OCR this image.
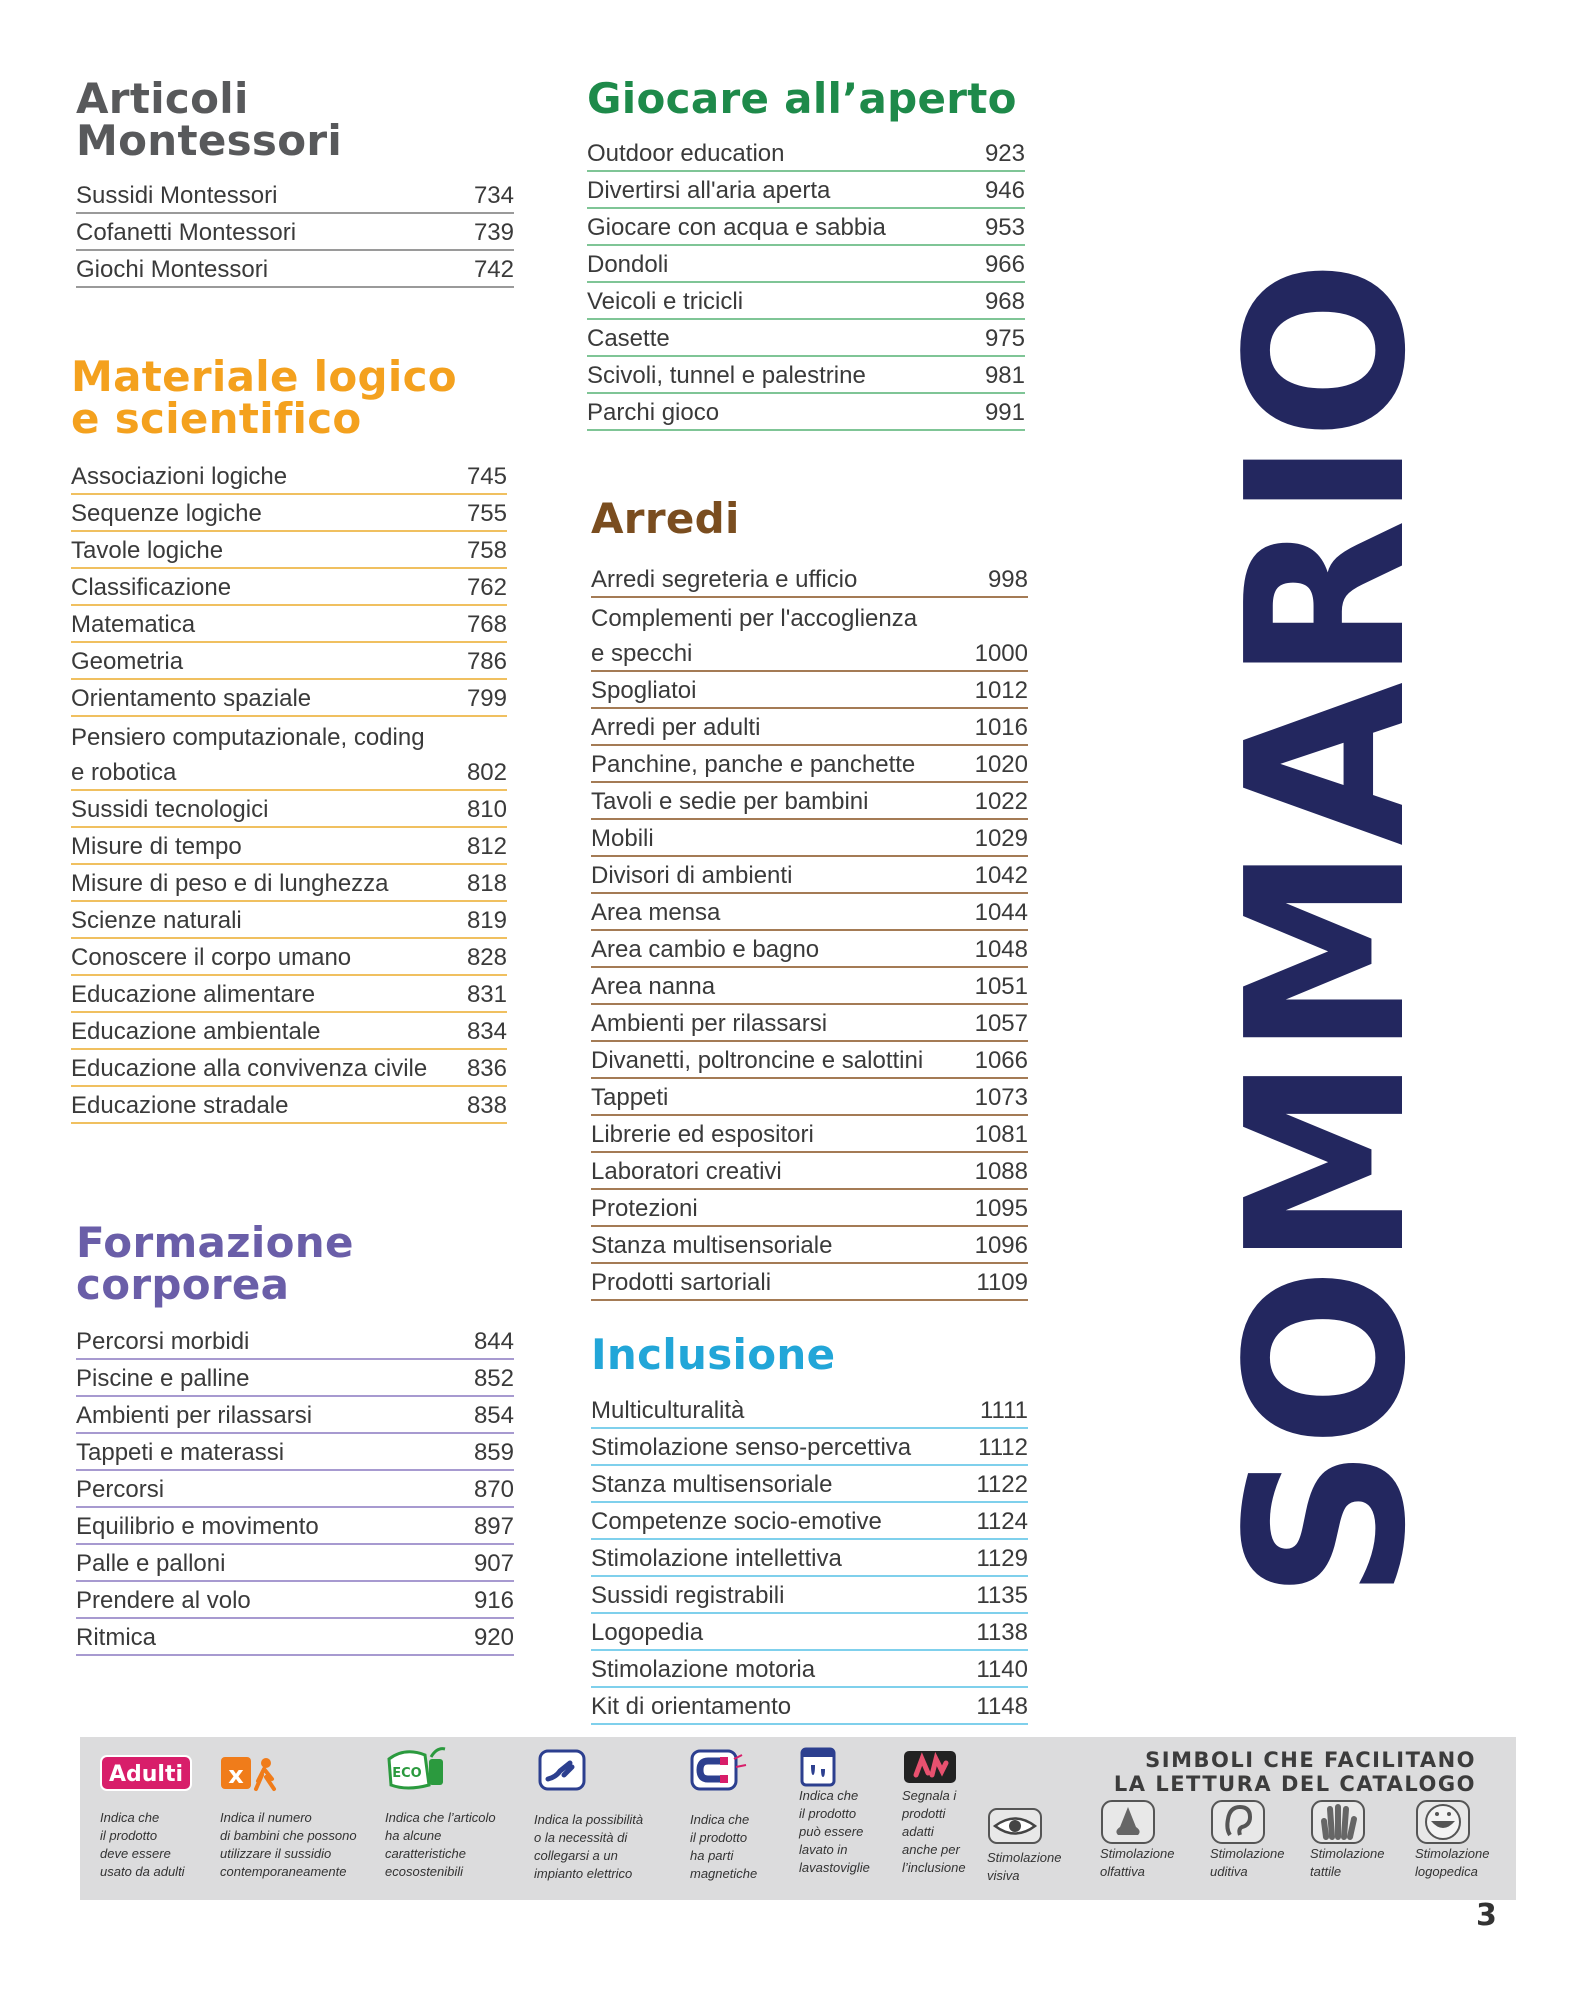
Articoli Montessori
Sussidi Montessori	734
Cofanetti Montessori	739
Giochi Montessori	742
Materiale logico
e scientifico
Associazioni logiche	745
Sequenze logiche	755
Tavole logiche	758
Classificazione	762
Matematica	768
Geometria	786
Orientamento spaziale	799
Pensiero computazionale, coding
e robotica	802
Sussidi tecnologici	810
Misure di tempo	812
Misure di peso e di lunghezza	818
Scienze naturali	819
Conoscere il corpo umano	828
Educazione alimentare	831
Educazione ambientale	834
Educazione alla convivenza civile 836
Educazione stradale	838
Formazione corporea
Percorsi morbidi	844
Piscine e palline	852
Ambienti per rilassarsi	854
Tappeti e materassi	859
Percorsi	870
Equilibrio e movimento	897
Palle e palloni	907
Prendere al volo	916
Ritmica	920
Giocare all’aperto
Outdoor education	923
Divertirsi all'aria aperta	946
Giocare con acqua e sabbia	953
Dondoli	966
Veicoli e tricicli	968
Casette	975
Scivoli, tunnel e palestrine	981
Parchi gioco	991
Arredi
Arredi segreteria e ufficio	998
Complementi per l'accoglienza
e specchi	1000
Spogliatoi	1012
Arredi per adulti	1016
Panchine, panche e panchette 1020
Tavoli e sedie per bambini	1022
Mobili	1029
Divisori di ambienti	1042
Area mensa	1044
Area cambio e bagno	1048
Area nanna	1051
Ambienti per rilassarsi	1057
Divanetti, poltroncine e salottini 1066
Tappeti	1073
Librerie ed espositori	1081
Laboratori creativi	1088
Protezioni	1095
Stanza multisensoriale	1096
Prodotti sartoriali	1109
Inclusione
Multiculturalità	1111
Stimolazione senso-percettiva	1112
Stanza multisensoriale	1122
Competenze socio-emotive	1124
Stimolazione intellettiva	1129
Sussidi registrabili	1135
Logopedia	1138
Stimolazione motoria	1140
Kit di orientamento	1148
SOMMARIO
SIMBOLI CHE FACILITANO
LA LETTURA DEL CATALOGO
Adulti
Indica che
il prodotto
deve essere
usato da adulti
x
Indica il numero
di bambini che possono
utilizzare il sussidio
contemporaneamente
ECO
Indica che l’articolo
ha alcune
caratteristiche
ecosostenibili
Indica la possibilità
o la necessità di
collegarsi a un
impianto elettrico
Indica che
il prodotto
ha parti
magnetiche
Indica che
il prodotto
può essere
lavato in
lavastoviglie
Segnala i
prodotti
adatti
anche per
l’inclusione
Stimolazione
visiva
Stimolazione
olfattiva
Stimolazione
uditiva
Stimolazione
tattile
Stimolazione
logopedica
3
